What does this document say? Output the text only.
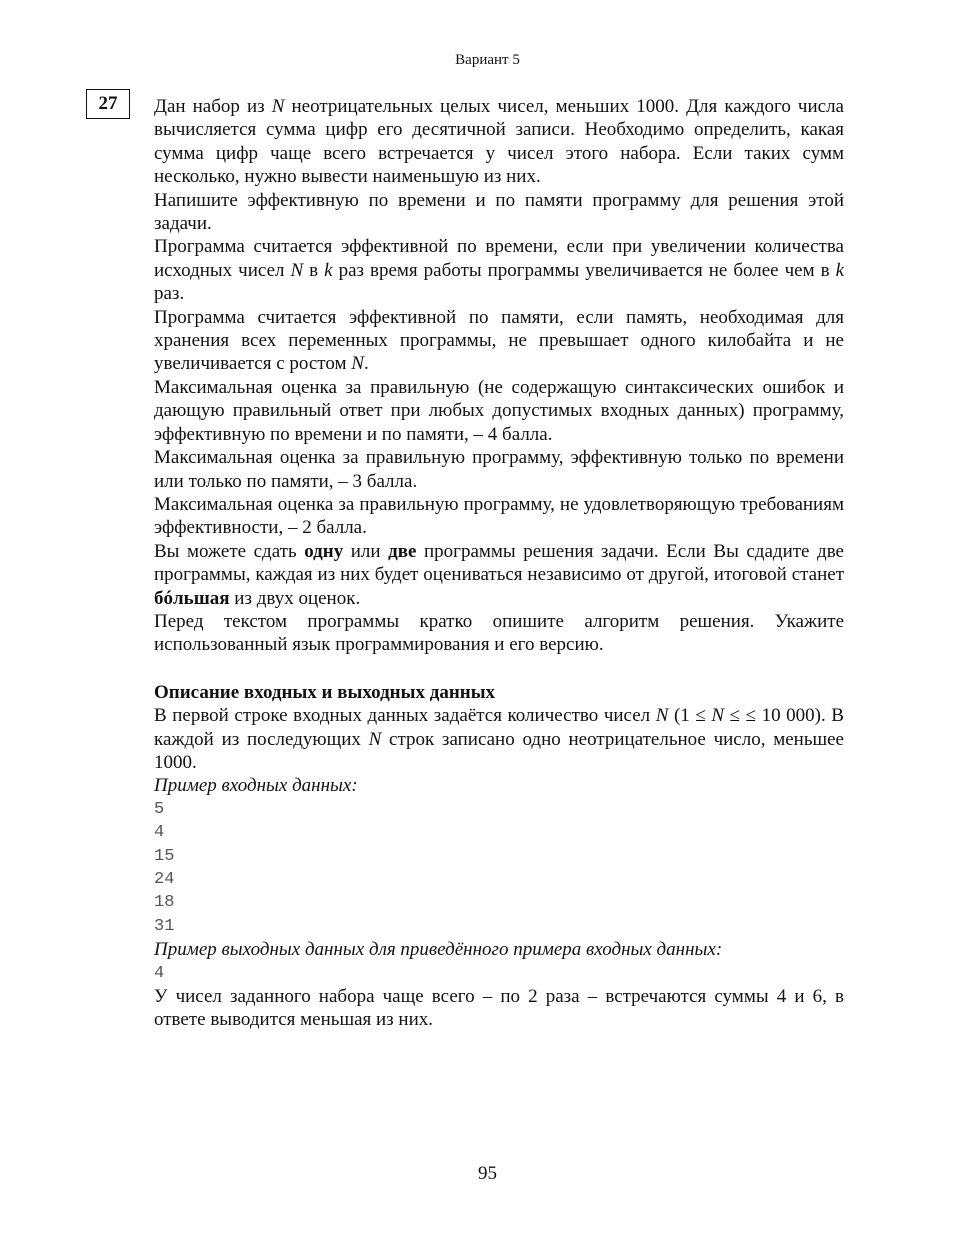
Вариант 5
27	Дан набор из N неотрицательных целых чисел, меньших 1000. Для каждого числа вычисляется сумма цифр его десятичной записи. Необходимо определить, какая сумма цифр чаще всего встречается у чисел этого набора. Если таких сумм несколько, нужно вывести наименьшую из них.

Напишите эффективную по времени и по памяти программу для решения этой задачи.

Программа считается эффективной по времени, если при увеличении количества исходных чисел N в k раз время работы программы увеличивается не более чем в k раз.

Программа считается эффективной по памяти, если память, необходимая для хранения всех переменных программы, не превышает одного килобайта и не увеличивается с ростом N.

Максимальная оценка за правильную (не содержащую синтаксических ошибок и дающую правильный ответ при любых допустимых входных данных) программу, эффективную по времени и по памяти, – 4 балла.

Максимальная оценка за правильную программу, эффективную только по времени или только по памяти, – 3 балла.

Максимальная оценка за правильную программу, не удовлетворяющую требованиям эффективности, – 2 балла.

Вы можете сдать одну или две программы решения задачи. Если Вы сдадите две программы, каждая из них будет оцениваться независимо от другой, итоговой станет бóльшая из двух оценок.

Перед текстом программы кратко опишите алгоритм решения. Укажите использованный язык программирования и его версию.

Описание входных и выходных данных

В первой строке входных данных задаётся количество чисел N (1 ≤ N ≤ ≤ 10 000). В каждой из последующих N строк записано одно неотрицательное число, меньшее 1000.

Пример входных данных:

5
4
15
24
18
31

Пример выходных данных для приведённого примера входных данных:

4

У чисел заданного набора чаще всего – по 2 раза – встречаются суммы 4 и 6, в ответе выводится меньшая из них.

95
